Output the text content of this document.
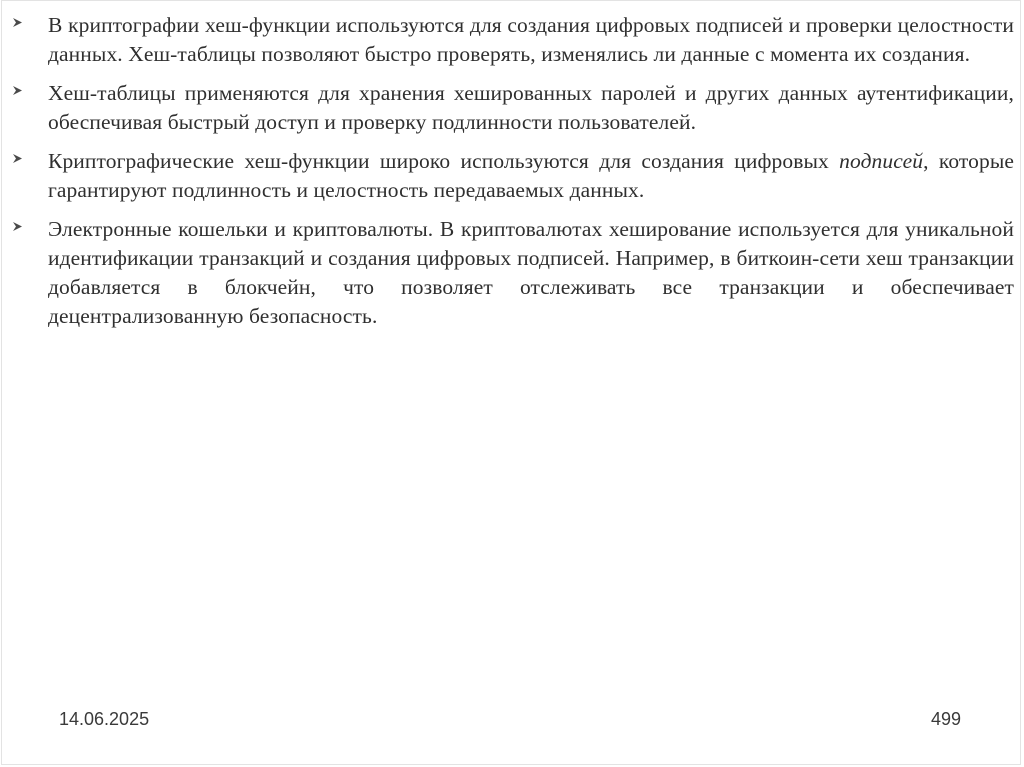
В криптографии хеш-функции используются для создания цифровых подписей и проверки целостности данных. Хеш-таблицы позволяют быстро проверять, изменялись ли данные с момента их создания.
Хеш-таблицы применяются для хранения хешированных паролей и других данных аутентификации, обеспечивая быстрый доступ и проверку подлинности пользователей.
Криптографические хеш-функции широко используются для создания цифровых подписей, которые гарантируют подлинность и целостность передаваемых данных.
Электронные кошельки и криптовалюты. В криптовалютах хеширование используется для уникальной идентификации транзакций и создания цифровых подписей. Например, в биткоин-сети хеш транзакции добавляется в блокчейн, что позволяет отслеживать все транзакции и обеспечивает децентрализованную безопасность.
14.06.2025	499
